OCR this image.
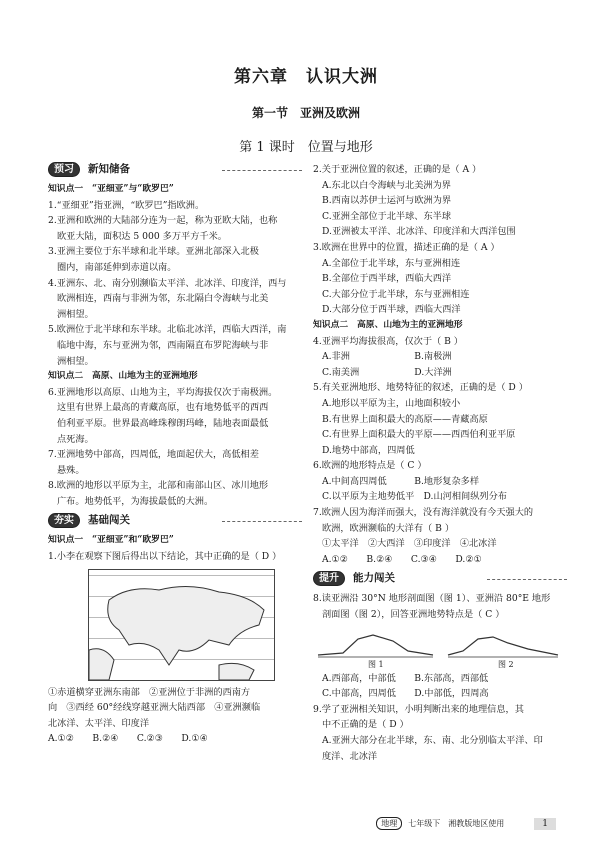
第六章　认识大洲
第一节　亚洲及欧洲
第 1 课时　位置与地形
预习 新知储备
知识点一　“亚细亚”与“欧罗巴”
1.“亚细亚”指亚洲，“欧罗巴”指欧洲。
2.亚洲和欧洲的大陆部分连为一起，称为亚欧大陆，也称
欧亚大陆，面积达 5 000 多万平方千米。
3.亚洲主要位于东半球和北半球。亚洲北部深入北极
圈内，南部延伸到赤道以南。
4.亚洲东、北、南分别濒临太平洋、北冰洋、印度洋，西与
欧洲相连，西南与非洲为邻，东北隔白令海峡与北美
洲相望。
5.欧洲位于北半球和东半球。北临北冰洋，西临大西洋，南
临地中海，东与亚洲为邻，西南隔直布罗陀海峡与非
洲相望。
知识点二　高原、山地为主的亚洲地形
6.亚洲地形以高原、山地为主，平均海拔仅次于南极洲。
这里有世界上最高的青藏高原，也有地势低平的西西
伯利亚平原。世界最高峰珠穆朗玛峰，陆地表面最低
点死海。
7.亚洲地势中部高，四周低，地面起伏大，高低相差
悬殊。
8.欧洲的地形以平原为主，北部和南部山区、冰川地形
广布。地势低平，为海拔最低的大洲。
夯实 基础闯关
知识点一　“亚细亚”和“欧罗巴”
1.小李在观察下图后得出以下结论，其中正确的是（ D ）
①赤道横穿亚洲东南部　②亚洲位于非洲的西南方
向　③西经 60°经线穿越亚洲大陆西部　④亚洲濒临
北冰洋、太平洋、印度洋
A.①②　　B.②④　　C.②③　　D.①④
2.关于亚洲位置的叙述，正确的是（ A ）
A.东北以白令海峡与北美洲为界
B.西南以苏伊士运河与欧洲为界
C.亚洲全部位于北半球、东半球
D.亚洲被太平洋、北冰洋、印度洋和大西洋包围
3.欧洲在世界中的位置，描述正确的是（ A ）
A.全部位于北半球，东与亚洲相连
B.全部位于西半球，西临大西洋
C.大部分位于北半球，东与亚洲相连
D.大部分位于西半球，西临大西洋
知识点二　高原、山地为主的亚洲地形
4.亚洲平均海拔很高，仅次于（ B ）
A.非洲　　　　　　　B.南极洲
C.南美洲　　　　　　D.大洋洲
5.有关亚洲地形、地势特征的叙述，正确的是（ D ）
A.地形以平原为主，山地面积较小
B.有世界上面积最大的高原——青藏高原
C.有世界上面积最大的平原——西西伯利亚平原
D.地势中部高，四周低
6.欧洲的地形特点是（ C ）
A.中间高四周低　　　B.地形复杂多样
C.以平原为主地势低平　D.山河相间纵列分布
7.欧洲人因为海洋而强大，没有海洋就没有今天强大的
欧洲，欧洲濒临的大洋有（ B ）
①太平洋　②大西洋　③印度洋　④北冰洋
A.①②　　B.②④　　C.③④　　D.②①
提升 能力闯关
8.读亚洲沿 30°N 地形剖面图（图 1）、亚洲沿 80°E 地形
剖面图（图 2），回答亚洲地势特点是（ C ）
图 1	图 2
A.西部高，中部低　　B.东部高，西部低
C.中部高，四周低　　D.中部低，四周高
9.学了亚洲相关知识，小明判断出来的地理信息，其
中不正确的是（ D ）
A.亚洲大部分在北半球，东、南、北分别临太平洋、印
度洋、北冰洋
地理	七年级下　湘教版地区使用	1
